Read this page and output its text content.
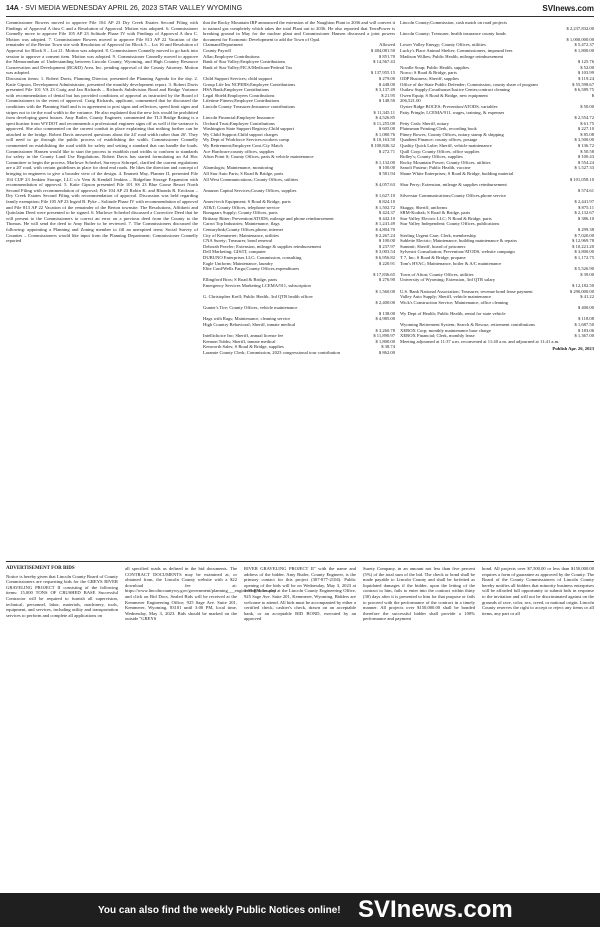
14A - SVI MEDIA WEDNESDAY APRIL 26, 2023 STAR VALLEY WYOMING	SVInews.com

Commissioner Bowers moved to approve File 104 AP 23 Dry Creek Estates Second Filing with Findings of Approval A thru C and a Resolution of Approval. Motion was adopted. 6. Commissioner Connelly move to approve File 105 AP 23 Solitude Phase IV with Findings of Approval A thru C. Motion was adopted. 7. Commissioner Bowers moved to approve File 813 AP 22 Vacation of the remainder of the Berton Town site with Resolution of Approval for Block 5 – Lot 16 and Resolution of Approval for Block 8 – Lot 21. Motion was adopted. 8. Commissioner Connelly moved to go back into session to approve a consent item. Motion was adopted. 9. Commissioner Connelly moved to approve the Memorandum of Understanding between Lincoln County, Wyoming, and High Country Resource Conservation and Development (RC&D) Area, Inc. pending approval of the County Attorney. Motion was adopted.

Discussion items: 1. Robert Davis, Planning Director, presented the Planning Agenda for the day. 2. Katie Gipson, Development Administrator, presented the monthly development report. 3. Robert Davis presented File 101 VA 23 Craig and Jan Richards – Richards Subdivision Road and Bridge Variance with recommendation of denial but has provided conditions of approval as instructed by the Board of Commissioners in the event of approval. Craig Richards, applicant, commented that he discussed the conditions with the Planning Staff and is in agreement to post signs and reflectors, speed limit signs and stripes not to tie the road width to the variance. He also explained that the new lots would be prohibited from developing guest houses. Amy Butler, County Engineer, commented the TL3 Bridge Rating is a specification from WYDOT and recommends a professional engineer signs off as well if the variance is approved. She also commented on the current conduit in place explaining that nothing further can be attached to the bridge. Robert Davis answered questions about the 24' road width rather than 26'. They will need to go through the public process of establishing the width. Commissioner Connelly commented on establishing the road width for safety and setting a standard that can handle the loads. Commissioner Hansen would like to start the process to establish road widths to conform to standards for safety in the County Land Use Regulations. Robert Davis has started formulating an Ad Hoc Committee to begin the process. Marlowe Scherbel, Surveyor Schrepel, clarified the current regulations are a 20' road, with certain guidelines in place for dead end roads. He likes the direction and concept of bringing in engineers to give a broader view of the design. 4. Emmett May, Planner II, presented File 104 CUP 23 Jenkins Storage, LLC c/o Vern & Kendall Jenkins – Ridgeline Storage Expansion with recommendation of approval. 5. Katie Gipson presented File 101 SS 23 Blue Goose Resort North Second Filing with recommendation of approval; File 104 AP 23 Robin K. and Rhonda R. Erickson – Dry Creek Estates Second Filing with recommendation of approval. Discussion was held regarding family exemption; File 105 AP 23 Ingrid B. Pyke – Solitude Phase IV with recommendation of approval and File 813 AP 22 Vacation of the remainder of the Berton townsite. The Resolutions, Affidavit and Quitclaim Deed were presented to be signed. 6. Marlowe Scherbel discussed a Corrective Deed that he will present to the Commissioners to correct an error on a previous deed from the County to the Thomas. He will send the deed to Amy Butler to be reviewed. 7. The Commissioners discussed the following: appointing a Planning and Zoning member to fill an unexpired term; Social Survey of Counties – Commissioners would like input from the Planning Department; Commissioner Connelly reported

that the Rocky Mountain IRP announced the extension of the Naughton Plant to 2036 and will convert it to natural gas completely which takes the total Plant out to 2036. He also reported that TerraPower is breaking ground in May for the nuclear plant and Commissioner Hansen discussed a joint powers document for Economic Development to add the Town of Opal.

Claimant/Department	Allowed
County Payroll	$ 484,081.50
Aflac;Employee Contributions	$ 851.70
Bank of Star Valley;Employee Contributions	$ 14,567.43
Bank of Star Valley;FICA/Medicare/Federal Tax
$ 137,955.15
Child Support Services; child support	$ 279.00
Group Life Ins NCPERS;Employee Contributions	$ 448.00
HSA Bank;Employee Contributions	$ 3,137.49
Legal Shield;Employees Contributions	$ 21.95
Lifetime Fitness;Employee Contributions	$ 148.50
Lincoln County Treasurer;Insurance contributions
$ 11,345.11
Lincoln Financial;Employee Insurance	$ 4,526.85
Orchard Trust;Employee Contributions	$ 11,255.00
Washington State Support Registry;Child support	$ 605.00
Wy Child Support;Child support charges	$ 1,080.76
Wy Dept of Workforce Services;workers comp	$ 10,163.50
Wy Retirement;Employee Cont./Cty Match	$ 100,846.32
Ace Hardware;county offices, supplies	$ 272.71
Afton Point S; County Offices, parts & vehicle maintenance
$ 1,132.00
Alarmlogix; Maintenance, monitoring	$ 100.00
All Star Auto Parts; S Road & Bridge, parts	$ 581.94
All West Communications; County Offices, utilities
$ 4,057.63
Amazon Capital Services;County Offices, supplies
$ 1,627.10
Ameri-tech Equipment; S Road & Bridge, parts	$ 824.10
AT&T; County Offices, telephone service	$ 1,502.72
Bomgaars Supply; County Offices, parts	$ 424.37
Brittany Ritter; Prevention/ATODS, mileage and phone reimbursement	$ 442.10
Carrot Top Industries; Maintenance, flags	$ 1,241.49
Centurylink;County Offices,phone, internet	$ 4,804.70
City of Kemmerer; Maintenance, utilities	$ 2,267.24
CNA Surety; Treasurer, bond renewal	$ 100.00
Deborah Peavler; Extension, mileage & supplies reimbursement	$ 237.97
Dell Marketing; GIS/IT, computer	$ 3,003.54
DUBUNO Enterprises LLC; Commission, consulting	$ 6,956.82
Eagle Uniform; Maintenance, laundry	$ 220.91
Elite Card/Wells Fargo;County Offices,expenditures
$ 17,836.65
Ellingford Bros; S Road & Bridge, parts	$ 276.90
Emergency Services Marketing LCEMA/911, subscription
$ 1,560.00
G. Christopher Krell; Public Health, 3rd QTR health officer
$ 2,400.00
Gunter's Tire; County Offices, vehicle maintenance
$ 138.00
Hags with Rags; Maintenance, cleaning service	$ 4,985.00
High Country Behavioral; Sheriff, inmate medical
$ 3,260.78
Intellichoice Inc; Sheriff, annual license fee	$ 11,890.97
Kennon Tubbs; Sheriff, inmate medical	$ 1,800.00
Kenworth Sales; S Road & Bridge, supplies	$ 38.74
Laramie County Clerk; Commission, 2023 congressional tour contribution	$ 862.00
Lincoln County;Commission, cash match on road projects
$ 2,237,832.00
Lincoln County; Treasurer, health insurance county funds
$ 1,000,000.00
Lower Valley Energy; County Offices, utilities	$ 5,472.37
Lucky's Place Animal Shelter; Commissioners, impound fees	$ 1,800.00
Madison Wilkes; Public Health, mileage reimbursement
$ 125.76
Noodle Soup; Public Health, supplies	$ 52.00
Norco; S Road & Bridge, parts	$ 103.99
ODP Business; Sheriff, supplies	$ 119.24
Office of the State Public Defender; Commission, county share of program	$ 55,598.67
Outlaw Supply;Courthouse/Justice Center,contract cleaning	$ 6,589.75
Owen Equip; S Road & Bridge, new equipment	$
206,521.00
Oyster Ridge BOCES; Prevention/ATODS, variables	$ 50.00
Patty Pringle; LCEMA/911, wages, training, & expenses
$ 2,554.72
Petty Cash; Sheriff, notary	$ 61.75
Plainsman Printing;Clerk, recording book	$ 227.10
Pitney Bowes; County Offices, notary stamp & shipping	$ 85.08
Quadient Finance; county offices, postage	$ 3,500.00
Quality Quick Lube; Sheriff, vehicle maintenance	$ 136.72
Quill Corp; County Offices, office supplies	$ 50.58
Ridley's; County Offices, supplies	$ 100.43
Rocky Mountain Power; County Offices, utilities	$ 554.24
Sanofi Pasteur; Public Health, vaccine	$ 1,527.33
Shane White Enterprises; S Road & Bridge, building material
$ 101,058.10
Shar Perry; Extension, mileage & supplies reimbursement
$ 574.61
Silverstar Communications;County Offices,phone service
$ 2,441.97
Skaggs; Sheriff, uniforms	$ 875.11
SRM-Kodiak; S Road & Bridge, parts	$ 2,132.67
Star Valley Electric LLC; N Road & Bridge, parts	$ 386.10
Star Valley Independent; County Offices, publications
$ 299.38
Sterling Urgent Care; Clerk, membership	$ 7,020.00
Sublette Electric; Maintenance, building maintenance & repairs	$ 12,969.78
Summit; Sheriff, board of prisoners	$ 10,221.20
Sylvestri Consultation; Prevention/ATODS, website campaign	$ 3,800.00
T 7, Inc; S Road & Bridge, propane	$ 1,172.75
Tom's HVAC; Maintenance, boiler & A/C maintenance
$ 5,526.90
Town of Afton; County Offices, utilities	$ 39.00
University of Wyoming; Extension, 3rd QTR salary
$ 12,182.50
U.S. Bank National Association; Treasurer, revenue bond lease payment	$ 290,000.00
Valley Auto Supply; Sheriff, vehicle maintenance	$ 41.22
Wick's Construction Service; Maintenance, office cleaning
$ 400.00
Wy Dept of Health; Public Health, rental for state vehicle
$ 118.08
Wyoming Retirement System; Search & Rescue, retirement contributions	$ 1,687.50
XEROX Corp; monthly maintenance base charge	$ 183.06
XEROX Financial; Clerk, monthly lease	$ 1,367.00

Meeting adjourned at 11:37 a.m. reconvened at 11:40 a.m. and adjourned at 11:41 a.m.

Publish Apr. 26, 2023

ADVERTISEMENT FOR BIDS

Notice is hereby given that Lincoln County Board of County Commissioners are requesting bids for the GREYS RIVER GRAVELING PROJECT II consisting of the following items: 15,000 TONS OF CRUSHED BASE Successful Contractor will be required to furnish all supervision, technical, personnel, labor, materials, machinery, tools, equipment, and services, including utility and transportation services to perform and complete all applications on

all specified roads as defined in the bid documents. The CONTRACT DOCUMENTS may be examined at, or obtained from, the Lincoln County website with a $22 download fee at: https://www.lincolncountywy.gov/government/planning___engineering/index.php and click on Bid Docs. Sealed Bids will be received at the Kemmerer Engineering Office; 925 Sage Ave. Suite 201, Kemmerer, Wyoming, 83101 until 3:00 PM, local time, Wednesday, May 3, 2023. Bids should be marked on the outside "GREYS

RIVER GRAVELING PROJECT II" with the name and address of the bidder. Amy Butler, County Engineer, is the primary contact for this project (307-877-2104). Public opening of the bids will be on Wednesday, May 3, 2023 at 3:00 PM, located at the Lincoln County Engineering Office, 925 Sage Ave. Suite 201, Kemmerer, Wyoming. Bidders are welcome to attend. All bids must be accompanied by either a certified check, cashier's check, drawn on an acceptable bank, or an acceptable BID BOND, executed by an approved

Surety Company, in an amount not less than five percent (5%) of the total sum of the bid. The check or bond shall be made payable to Lincoln County and shall be forfeited as liquidated damages if the bidder, upon the letting of the contract to him, fails to enter into the contract within thirty (30) days after it is presented to him for that purpose or fails to proceed with the performance of the contract in a timely manner. All projects over $150,000.00 shall be bonded therefore the successful bidder shall provide a 100% performance and payment

bond. All projects over $7,500.00 or less than $150,000.00 requires a form of guarantee as approved by the County. The Board of the County Commissioners of Lincoln County hereby notifies all bidders that minority business enterprises will be afforded full opportunity to submit bids in response to the invitation and will not be discriminated against on the grounds of race, color, sex, creed, or national origin. Lincoln County reserves the right to accept or reject any items or all items, any part or all

You can also find the weekly Public Notices online! SVInews.com
